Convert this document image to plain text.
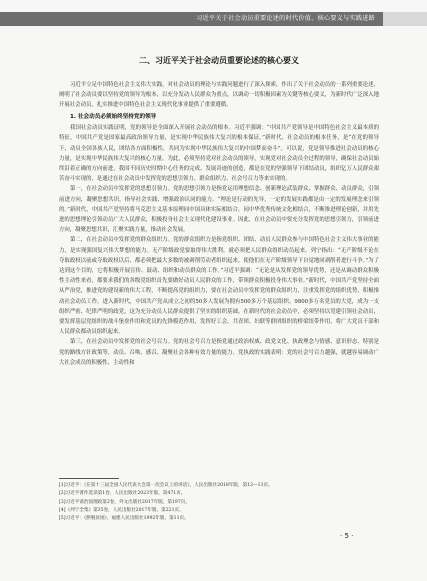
习近平关于社会动员重要论述的时代价值、核心要义与实践进路
二、习近平关于社会动员重要论述的核心要义

习近平立足中国特色社会主义伟大实践，对社会动员的理论与实践问题进行了深入探索，作出了关于社会动员的一系列重要论述，阐明了社会动员要以坚持党的领导为根本，以充分发动人民群众为重点，以调动一切积极因素为关键等核心要义，为新时代广泛深入地开展社会动员，扎实推进中国特色社会主义现代化事业提供了重要遵循。

1. 社会动员必须始终坚持党的领导

我国社会动员实践证明，党的领导是全面深入开展社会动员的根本。习近平强调：“中国共产党领导是中国特色社会主义最本质的特征，中国共产党是国家最高政治领导力量，是实现中华民族伟大复兴的根本保证。”新时代，社会动员的根本任务，是“在党的领导下，动员全国各族人民，团结各方面积极性，共同为实现中华民族伟大复兴的中国梦而奋斗”。可以说，党是领导推进社会动员的核心力量，是实现中华民族伟大复兴的核心力量。为此，必须坚持党对社会动员的领导，实现党对社会动员全过程的领导，确保社会动员始终沿着正确的方向前进。我国不同历史时期中心任务的完成、发展奇迹的创造，都是在党的坚强领导下团结动员，组织亿万人民群众艰苦奋斗实现的，是通过在社会动员中发挥党的思想引领力、群众组织力、社会号召力等来实现的。

第一，在社会动员中发挥党的思想引领力。党的思想引领力是指党运用理想信念、创新理论武装群众、掌握群众、动员群众，引领前进方向，凝聚思想共识，指导社会实践、增强政治认同的能力。“理论是行动的先导，一定的发展实践都是由一定的发展理念来引领的。”新时代，中国共产党坚持将马克思主义基本原理同中国具体实际相结合，同中华优秀传统文化相结合，不断推进理论创新，并用先进的思想理论引领动员广大人民群众，积极投身社会主义现代化建设事业。因此，在社会动员中要充分发挥党的思想引领力，引领前进方向，凝聚思想共识，汇聚实践力量，推动社会发展。

第二，在社会动员中发挥党的群众组织力。党的群众组织力是指党组织、团结、动员人民群众参与中国特色社会主义伟大事业的能力，是实现强国复兴伟大梦想的能力。无产阶级政党要取得伟大胜利，就必须把人民群众组织动员起来。列宁指出：“无产阶级不论在夺取政权以前或夺取政权以后，都必须把最大多数的被剥削劳动者组织起来，使他们在无产阶级领导下自觉地同剥削者进行斗争。”为了达到这个目的，它将积极开展宣传、鼓动、组织和动员群众的工作。”习近平强调：“无论是从发挥党的领导优势，还是从调动群众积极性主动性来看，都要求我们的各级党组织首先要做好动员人民群众的工作，带领群众积极投身伟大事业。”新时代，中国共产党坚持全面从严治党，推进党的建设新的伟大工程，不断提高党的组织力，要在社会动员中发挥党的群众组织力，注重发挥党的组织优势，积极推动社会动员工作。进入新时代，中国共产党从成立之初的50多人发展为拥有500多万个基层组织、9800多万名党员的大党，成为一支组织严密、纪律严明的政党，这为充分动员人民群众提供了坚实的组织基础。在新时代的社会动员中，必须坚持以党建引领社会动员，要发挥基层党组织的战斗堡垒作用和党员的先锋模范作用，发挥好工会、共青团、妇联等群团组织的桥梁纽带作用，将广大党员干部和人民群众都动员组织起来。

第三，在社会动员中发挥党的社会号召力。党的社会号召力是指党通过政治权威、政党文化、执政理念与情感、意识形态、特别是党的路线方针政策等，动员、召唤、感召、凝聚社会各种有效力量的能力。党执政的实践表明：党的社会号召力越强，就越容易调动广大社会成员的积极性、主动性和

[1]习近平：《在第十三届全国人民代表大会第一次会议上的讲话》，人民出版社2018年版，第12—13页。
[2]习近平著作选读第1卷，人民出版社2023年版，第471页。
[3]习近平谈治国理政第2卷，外文出版社2017年版，第197页。
[4]《列宁全集》第35卷，人民出版社2017年版，第221页。
[5]习近平：《摆脱贫困》，福建人民出版社1992年版，第11页。
· 5 ·
